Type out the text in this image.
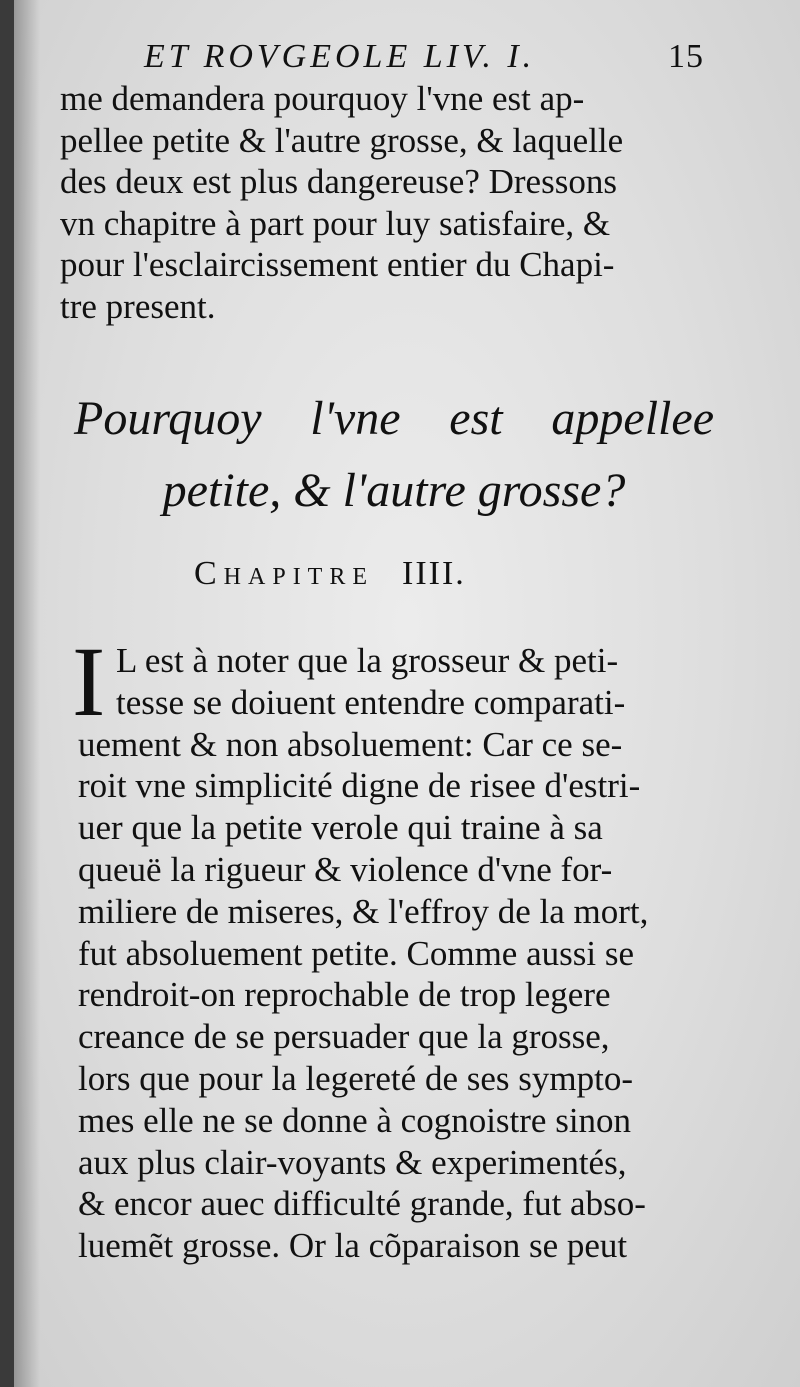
ET ROVGEOLE LIV. I.	15
me demandera pourquoy l'vne est ap-
pellee petite & l'autre grosse, & laquelle
des deux est plus dangereuse? Dressons
vn chapitre à part pour luy satisfaire, &
pour l'esclaircissement entier du Chapi-
tre present.
Pourquoy l'vne est appellee
petite, & l'autre grosse?
Chapitre IIII.
I L est à noter que la grosseur & peti-
tesse se doiuent entendre comparati-
uement & non absoluement: Car ce se-
roit vne simplicité digne de risee d'estri-
uer que la petite verole qui traine à sa
queuë la rigueur & violence d'vne for-
miliere de miseres, & l'effroy de la mort,
fut absoluement petite. Comme aussi se
rendroit-on reprochable de trop legere
creance de se persuader que la grosse,
lors que pour la legereté de ses sympto-
mes elle ne se donne à cognoistre sinon
aux plus clair-voyants & experimentés,
& encor auec difficulté grande, fut abso-
luemẽt grosse. Or la cõparaison se peut
